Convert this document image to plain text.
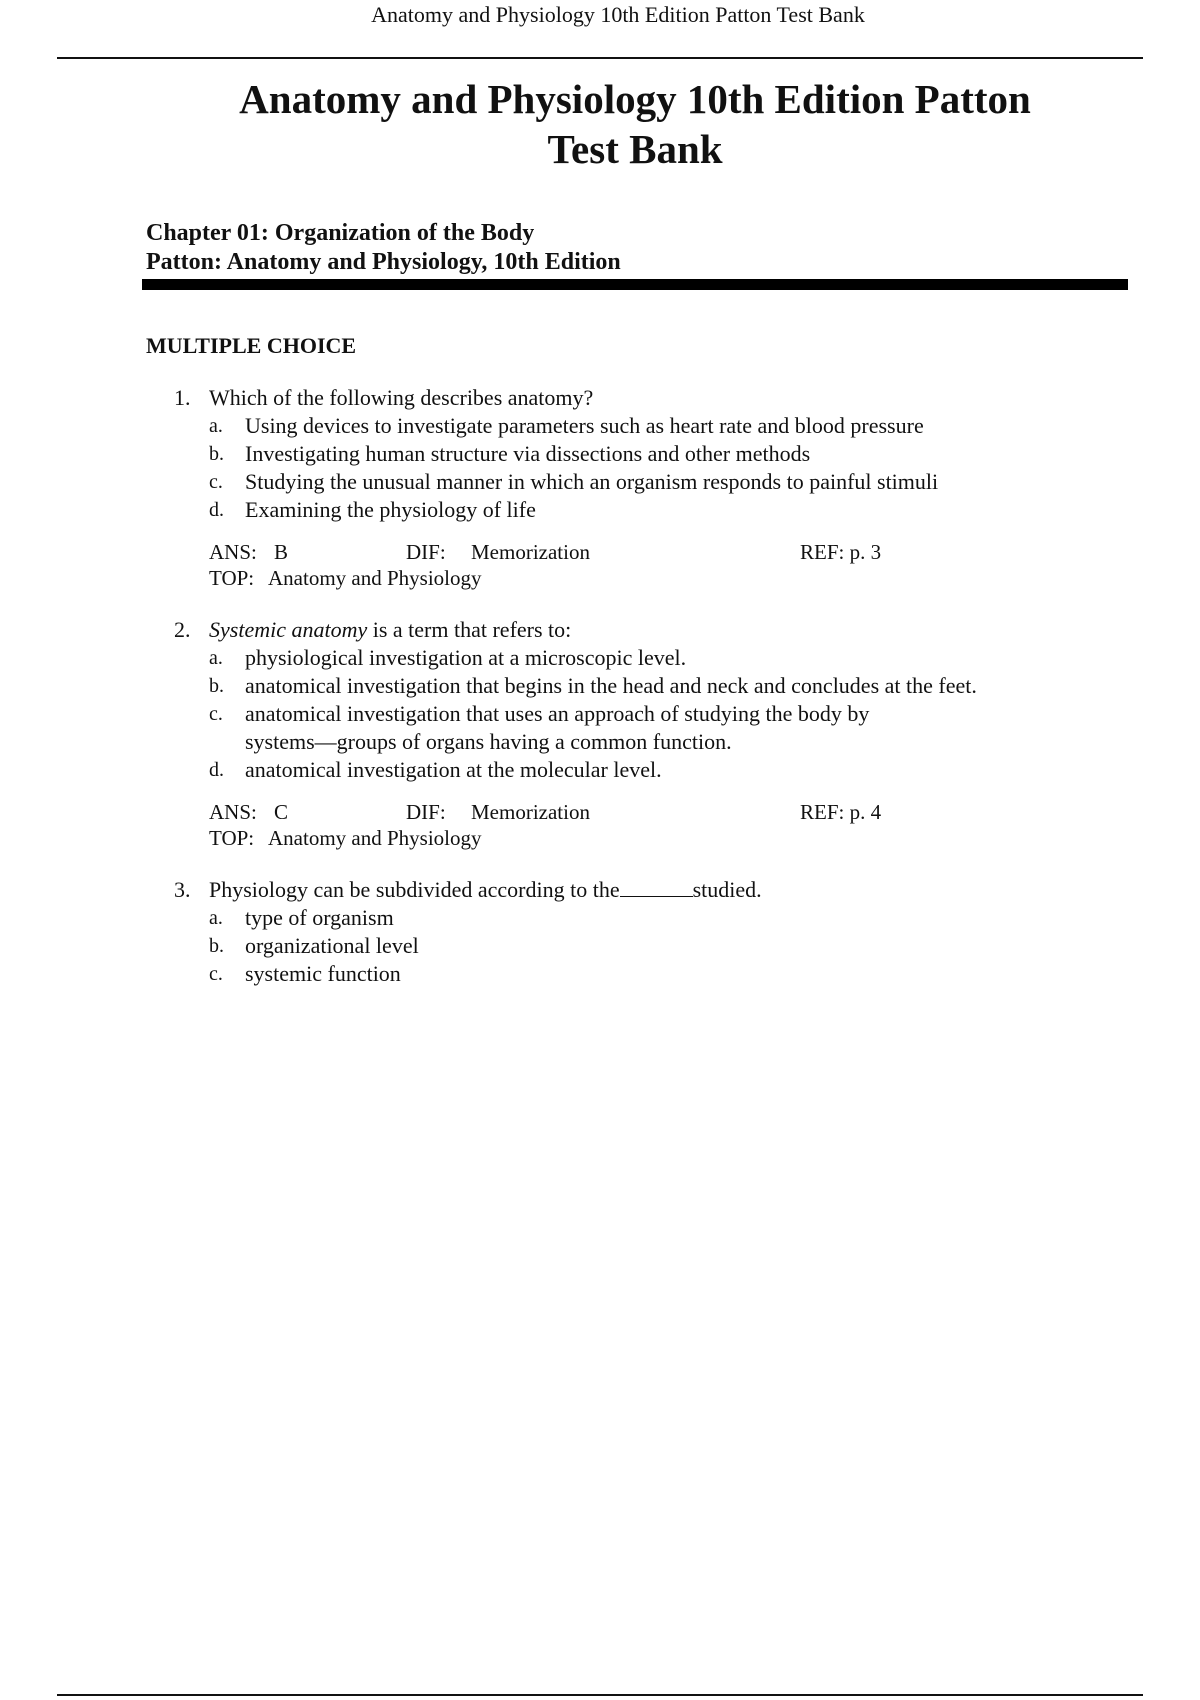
Anatomy and Physiology 10th Edition Patton Test Bank
Anatomy and Physiology 10th Edition Patton
Test Bank
Chapter 01: Organization of the Body
Patton: Anatomy and Physiology, 10th Edition
MULTIPLE CHOICE
1. Which of the following describes anatomy?
a. Using devices to investigate parameters such as heart rate and blood pressure
b. Investigating human structure via dissections and other methods
c. Studying the unusual manner in which an organism responds to painful stimuli
d. Examining the physiology of life
ANS: B	DIF: Memorization	REF: p. 3
TOP: Anatomy and Physiology
2. Systemic anatomy is a term that refers to:
a. physiological investigation at a microscopic level.
b. anatomical investigation that begins in the head and neck and concludes at the feet.
c. anatomical investigation that uses an approach of studying the body by
systems—groups of organs having a common function.
d. anatomical investigation at the molecular level.
ANS: C	DIF: Memorization	REF: p. 4
TOP: Anatomy and Physiology
3. Physiology can be subdivided according to the	studied.
a. type of organism
b. organizational level
c. systemic function
